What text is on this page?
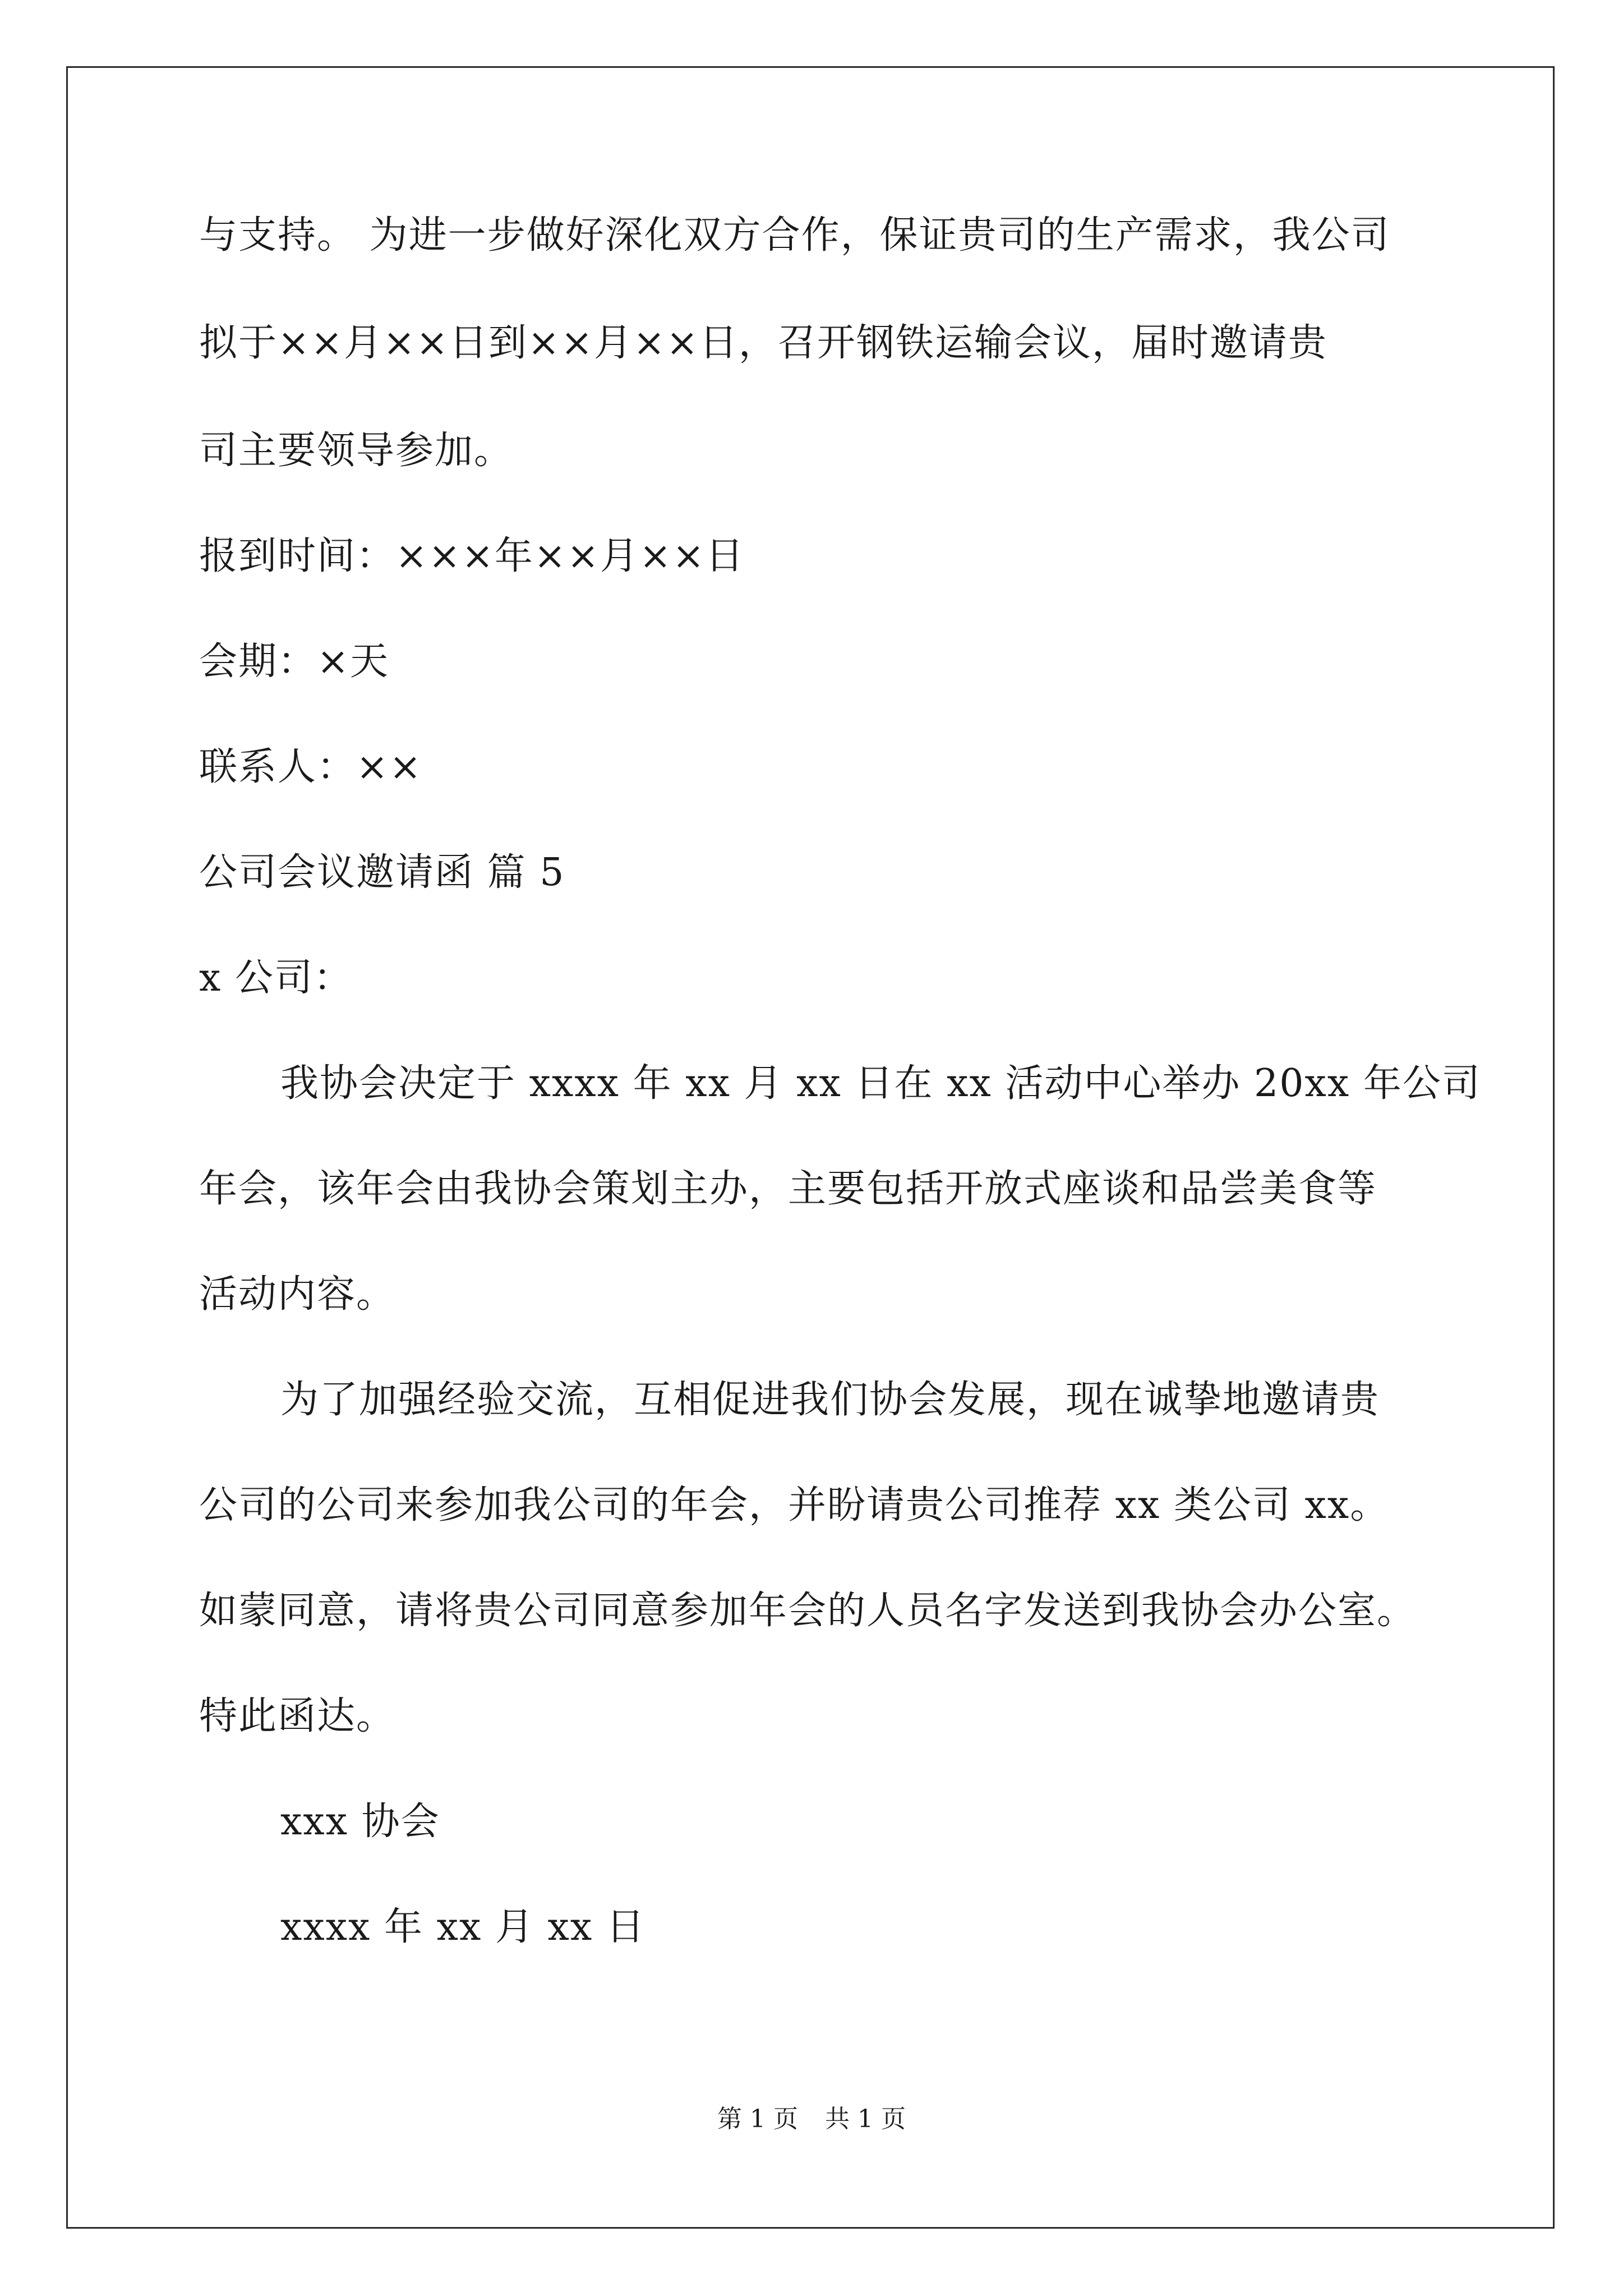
与支持。 为进一步做好深化双方合作，保证贵司的生产需求，我公司
拟于××月××日到××月××日，召开钢铁运输会议，届时邀请贵
司主要领导参加。
报到时间：×××年××月××日
会期：×天
联系人：××
公司会议邀请函 篇 5
x 公司：
我协会决定于 xxxx 年 xx 月 xx 日在 xx 活动中心举办 20xx 年公司
年会，该年会由我协会策划主办，主要包括开放式座谈和品尝美食等
活动内容。
为了加强经验交流，互相促进我们协会发展，现在诚挚地邀请贵
公司的公司来参加我公司的年会，并盼请贵公司推荐 xx 类公司 xx。
如蒙同意，请将贵公司同意参加年会的人员名字发送到我协会办公室。
特此函达。
xxx 协会
xxxx 年 xx 月 xx 日
第 1 页 共 1 页
